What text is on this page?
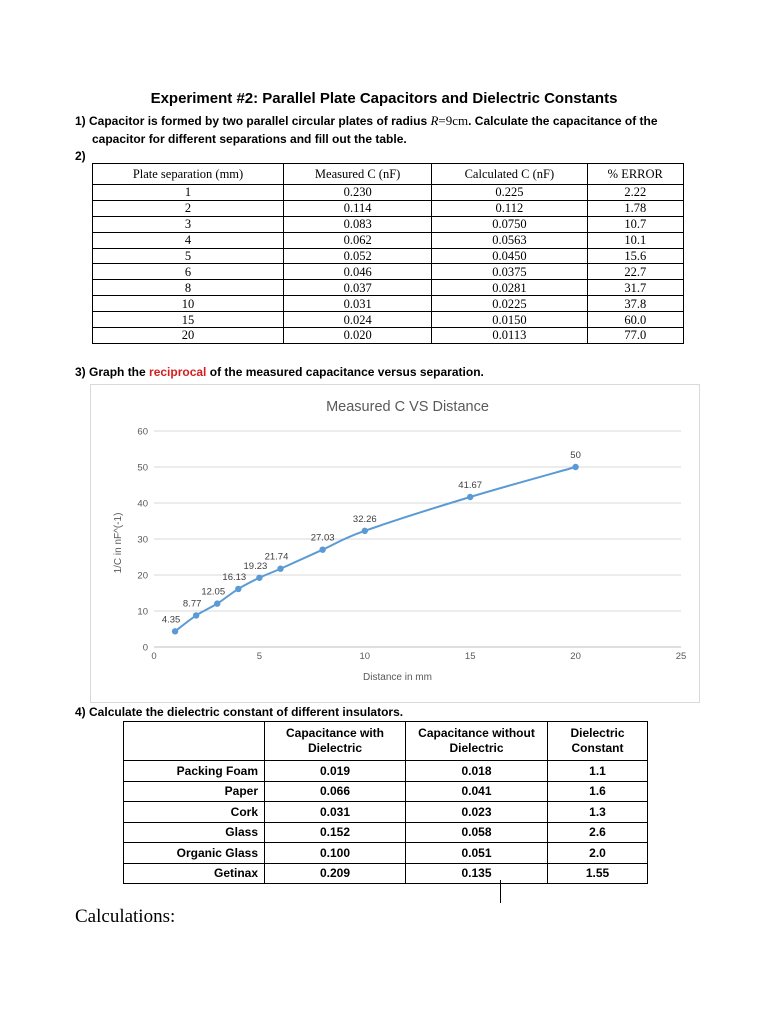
Experiment #2: Parallel Plate Capacitors and Dielectric Constants
1) Capacitor is formed by two parallel circular plates of radius R=9cm. Calculate the capacitance of the
capacitor for different separations and fill out the table.
2)
Plate separation (mm)	Measured C (nF)	Calculated C (nF)	% ERROR
1	0.230	0.225	2.22
2	0.114	0.112	1.78
3	0.083	0.0750	10.7
4	0.062	0.0563	10.1
5	0.052	0.0450	15.6
6	0.046	0.0375	22.7
8	0.037	0.0281	31.7
10	0.031	0.0225	37.8
15	0.024	0.0150	60.0
20	0.020	0.0113	77.0
3) Graph the reciprocal of the measured capacitance versus separation.
Measured C VS Distance
0
10
20
30
40
50
60
0	5	10	15	20	25
Distance in mm
1/C in nF^(-1)
4.35
8.77
12.05
16.13
19.23
21.74
27.03
32.26
41.67
50
4) Calculate the dielectric constant of different insulators.
	Capacitance with Dielectric	Capacitance without Dielectric	Dielectric Constant
Packing Foam	0.019	0.018	1.1
Paper	0.066	0.041	1.6
Cork	0.031	0.023	1.3
Glass	0.152	0.058	2.6
Organic Glass	0.100	0.051	2.0
Getinax	0.209	0.135	1.55
Calculations:
